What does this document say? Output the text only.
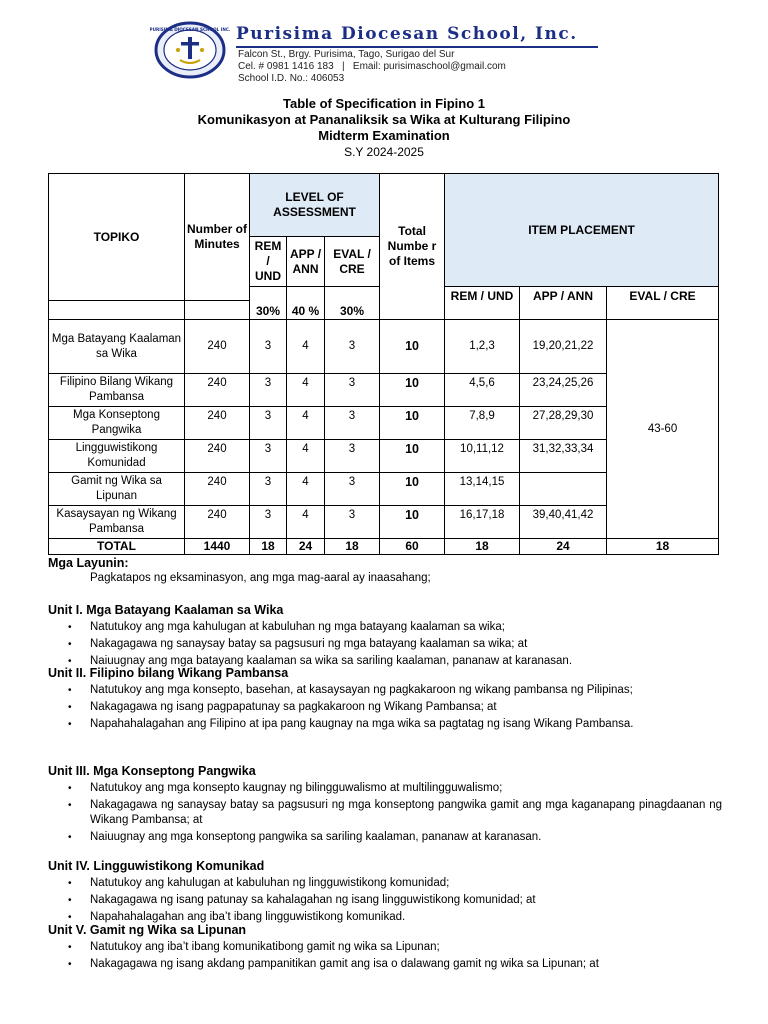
PURISIMA DIOCESAN SCHOOL INC. Purisima Diocesan School, Inc.
Falcon St., Brgy. Purisima, Tago, Surigao del Sur
Cel. # 0981 1416 183   |   Email: purisimaschool@gmail.com
School I.D. No.: 406053
Table of Specification in Fipino 1
Komunikasyon at Pananaliksik sa Wika at Kulturang Filipino
Midterm Examination
S.Y 2024-2025
TOPIKO	Number of Minutes	LEVEL OF ASSESSMENT			Total Numbe r of Items	ITEM PLACEMENT		
		REM / UND	APP / ANN	EVAL / CRE				
		30%	40 %	30%		REM / UND	APP / ANN	EVAL / CRE

Mga Batayang Kaalaman sa Wika	240	3	4	3	10	1,2,3	19,20,21,22	43-60
Filipino Bilang Wikang Pambansa	240	3	4	3	10	4,5,6	23,24,25,26	
Mga Konseptong Pangwika	240	3	4	3	10	7,8,9	27,28,29,30	
Lingguwistikong Komunidad	240	3	4	3	10	10,11,12	31,32,33,34	
Gamit ng Wika sa Lipunan	240	3	4	3	10	13,14,15		
Kasaysayan ng Wikang Pambansa	240	3	4	3	10	16,17,18	39,40,41,42	
TOTAL	1440	18	24	18	60	18	24	18
Mga Layunin:
Pagkatapos ng eksaminasyon, ang mga mag-aaral ay inaasahang;
Unit I. Mga Batayang Kaalaman sa Wika
• Natutukoy ang mga kahulugan at kabuluhan ng mga batayang kaalaman sa wika;
• Nakagagawa ng sanaysay batay sa pagsusuri ng mga batayang kaalaman sa wika; at
• Naiuugnay ang mga batayang kaalaman sa wika sa sariling kaalaman, pananaw at karanasan.
Unit II. Filipino bilang Wikang Pambansa
• Natutukoy ang mga konsepto, basehan, at kasaysayan ng pagkakaroon ng wikang pambansa ng Pilipinas;
• Nakagagawa ng isang pagpapatunay sa pagkakaroon ng Wikang Pambansa; at
• Napahahalagahan ang Filipino at ipa pang kaugnay na mga wika sa pagtatag ng isang Wikang Pambansa.
Unit III. Mga Konseptong Pangwika
• Natutukoy ang mga konsepto kaugnay ng bilingguwalismo at multilingguwalismo;
• Nakagagawa ng sanaysay batay sa pagsusuri ng mga konseptong pangwika gamit ang mga kaganapang pinagdaanan ng Wikang Pambansa; at
• Naiuugnay ang mga konseptong pangwika sa sariling kaalaman, pananaw at karanasan.
Unit IV. Lingguwistikong Komunikad
• Natutukoy ang kahulugan at kabuluhan ng lingguwistikong komunidad;
• Nakagagawa ng isang patunay sa kahalagahan ng isang lingguwistikong komunidad; at
• Napahahalagahan ang iba’t ibang lingguwistikong komunikad.
Unit V. Gamit ng Wika sa Lipunan
• Natutukoy ang iba’t ibang komunikatibong gamit ng wika sa Lipunan;
• Nakagagawa ng isang akdang pampanitikan gamit ang isa o dalawang gamit ng wika sa Lipunan; at
